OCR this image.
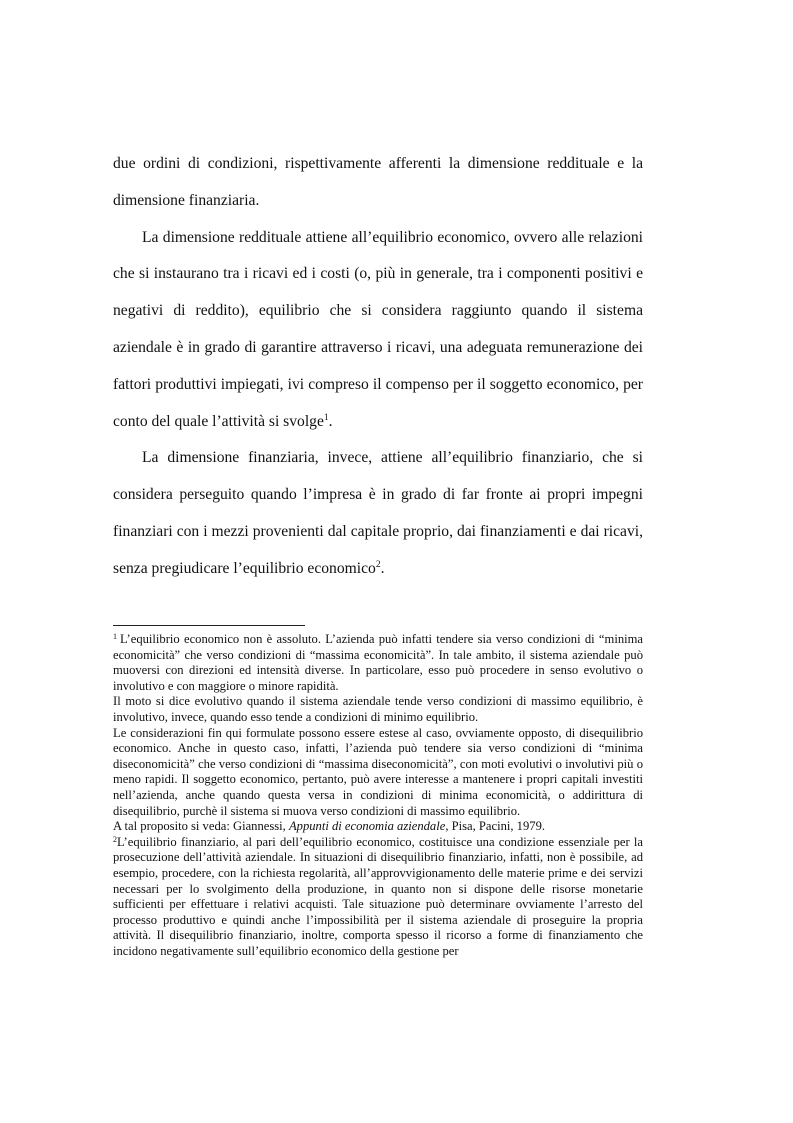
due ordini di condizioni, rispettivamente afferenti la dimensione reddituale e la dimensione finanziaria.

La dimensione reddituale attiene all’equilibrio economico, ovvero alle relazioni che si instaurano tra i ricavi ed i costi (o, più in generale, tra i componenti positivi e negativi di reddito), equilibrio che si considera raggiunto quando il sistema aziendale è in grado di garantire attraverso i ricavi, una adeguata remunerazione dei fattori produttivi impiegati, ivi compreso il compenso per il soggetto economico, per conto del quale l’attività si svolge$^1$.

La dimensione finanziaria, invece, attiene all’equilibrio finanziario, che si considera perseguito quando l’impresa è in grado di far fronte ai propri impegni finanziari con i mezzi provenienti dal capitale proprio, dai finanziamenti e dai ricavi, senza pregiudicare l’equilibrio economico$^2$.

$^1$ L’equilibrio economico non è assoluto. L’azienda può infatti tendere sia verso condizioni di “minima economicità” che verso condizioni di “massima economicità”. In tale ambito, il sistema aziendale può muoversi con direzioni ed intensità diverse. In particolare, esso può procedere in senso evolutivo o involutivo e con maggiore o minore rapidità.

Il moto si dice evolutivo quando il sistema aziendale tende verso condizioni di massimo equilibrio, è involutivo, invece, quando esso tende a condizioni di minimo equilibrio.

Le considerazioni fin qui formulate possono essere estese al caso, ovviamente opposto, di disequilibrio economico. Anche in questo caso, infatti, l’azienda può tendere sia verso condizioni di “minima diseconomicità” che verso condizioni di “massima diseconomicità”, con moti evolutivi o involutivi più o meno rapidi. Il soggetto economico, pertanto, può avere interesse a mantenere i propri capitali investiti nell’azienda, anche quando questa versa in condizioni di minima economicità, o addirittura di disequilibrio, purchè il sistema si muova verso condizioni di massimo equilibrio.

A tal proposito si veda: Giannessi, Appunti di economia aziendale, Pisa, Pacini, 1979.

$^2$L’equilibrio finanziario, al pari dell’equilibrio economico, costituisce una condizione essenziale per la prosecuzione dell’attività aziendale. In situazioni di disequilibrio finanziario, infatti, non è possibile, ad esempio, procedere, con la richiesta regolarità, all’approvvigionamento delle materie prime e dei servizi necessari per lo svolgimento della produzione, in quanto non si dispone delle risorse monetarie sufficienti per effettuare i relativi acquisti. Tale situazione può determinare ovviamente l’arresto del processo produttivo e quindi anche l’impossibilità per il sistema aziendale di proseguire la propria attività. Il disequilibrio finanziario, inoltre, comporta spesso il ricorso a forme di finanziamento che incidono negativamente sull’equilibrio economico della gestione per
